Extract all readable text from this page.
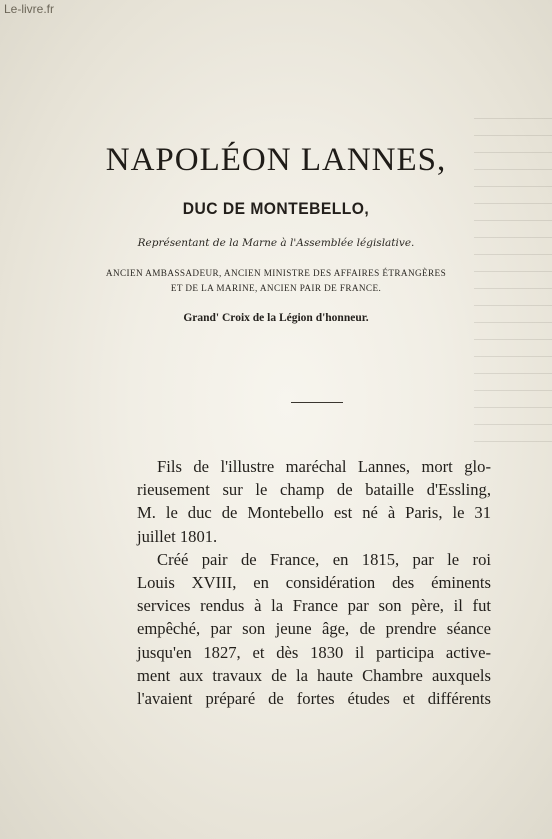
Le-livre.fr
NAPOLÉON LANNES,
DUC DE MONTEBELLO,
Représentant de la Marne à l'Assemblée législative.
ANCIEN AMBASSADEUR, ANCIEN MINISTRE DES AFFAIRES ÉTRANGÈRES
ET DE LA MARINE, ANCIEN PAIR DE FRANCE.
Grand' Croix de la Légion d'honneur.
Fils de l'illustre maréchal Lannes, mort glo-
rieusement sur le champ de bataille d'Essling,
M. le duc de Montebello est né à Paris, le 31
juillet 1801.
Créé pair de France, en 1815, par le roi
Louis XVIII, en considération des éminents
services rendus à la France par son père, il fut
empêché, par son jeune âge, de prendre séance
jusqu'en 1827, et dès 1830 il participa active-
ment aux travaux de la haute Chambre auxquels
l'avaient préparé de fortes études et différents
